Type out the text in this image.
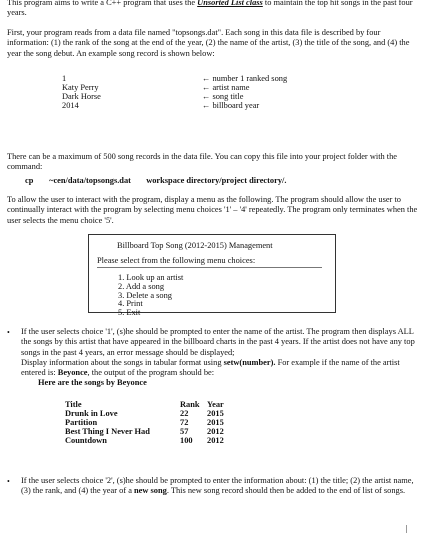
This program aims to write a C++ program that uses the Unsorted List class to maintain the top hit songs in the past four years.

First, your program reads from a data file named "topsongs.dat". Each song in this data file is described by four information: (1) the rank of the song at the end of the year, (2) the name of the artist, (3) the title of the song, and (4) the year the song debut. An example song record is shown below:

1	← number 1 ranked song
Katy Perry	← artist name
Dark Horse	← song title
2014	← billboard year

There can be a maximum of 500 song records in the data file. You can copy this file into your project folder with the command:

cp ~cen/data/topsongs.dat workspace directory/project directory/.

To allow the user to interact with the program, display a menu as the following. The program should allow the user to continually interact with the program by selecting menu choices '1' – '4' repeatedly. The program only terminates when the user selects the menu choice '5'.

Billboard Top Song (2012-2015) Management
Please select from the following menu choices:
1. Look up an artist
2. Add a song
3. Delete a song
4. Print
5. Exit
• If the user selects choice '1', (s)he should be prompted to enter the name of the artist. The program then displays ALL the songs by this artist that have appeared in the billboard charts in the past 4 years. If the artist does not have any top songs in the past 4 years, an error message should be displayed;
Display information about the songs in tabular format using setw(number). For example if the name of the artist entered is: Beyonce, the output of the program should be:

Here are the songs by Beyonce
Title	Rank Year
Drunk in Love	22	2015
Partition	72	2015
Best Thing I Never Had	57	2012
Countdown	100	2012
• If the user selects choice '2', (s)he should be prompted to enter the information about: (1) the title; (2) the artist name, (3) the rank, and (4) the year of a new song. This new song record should then be added to the end of list of songs.
